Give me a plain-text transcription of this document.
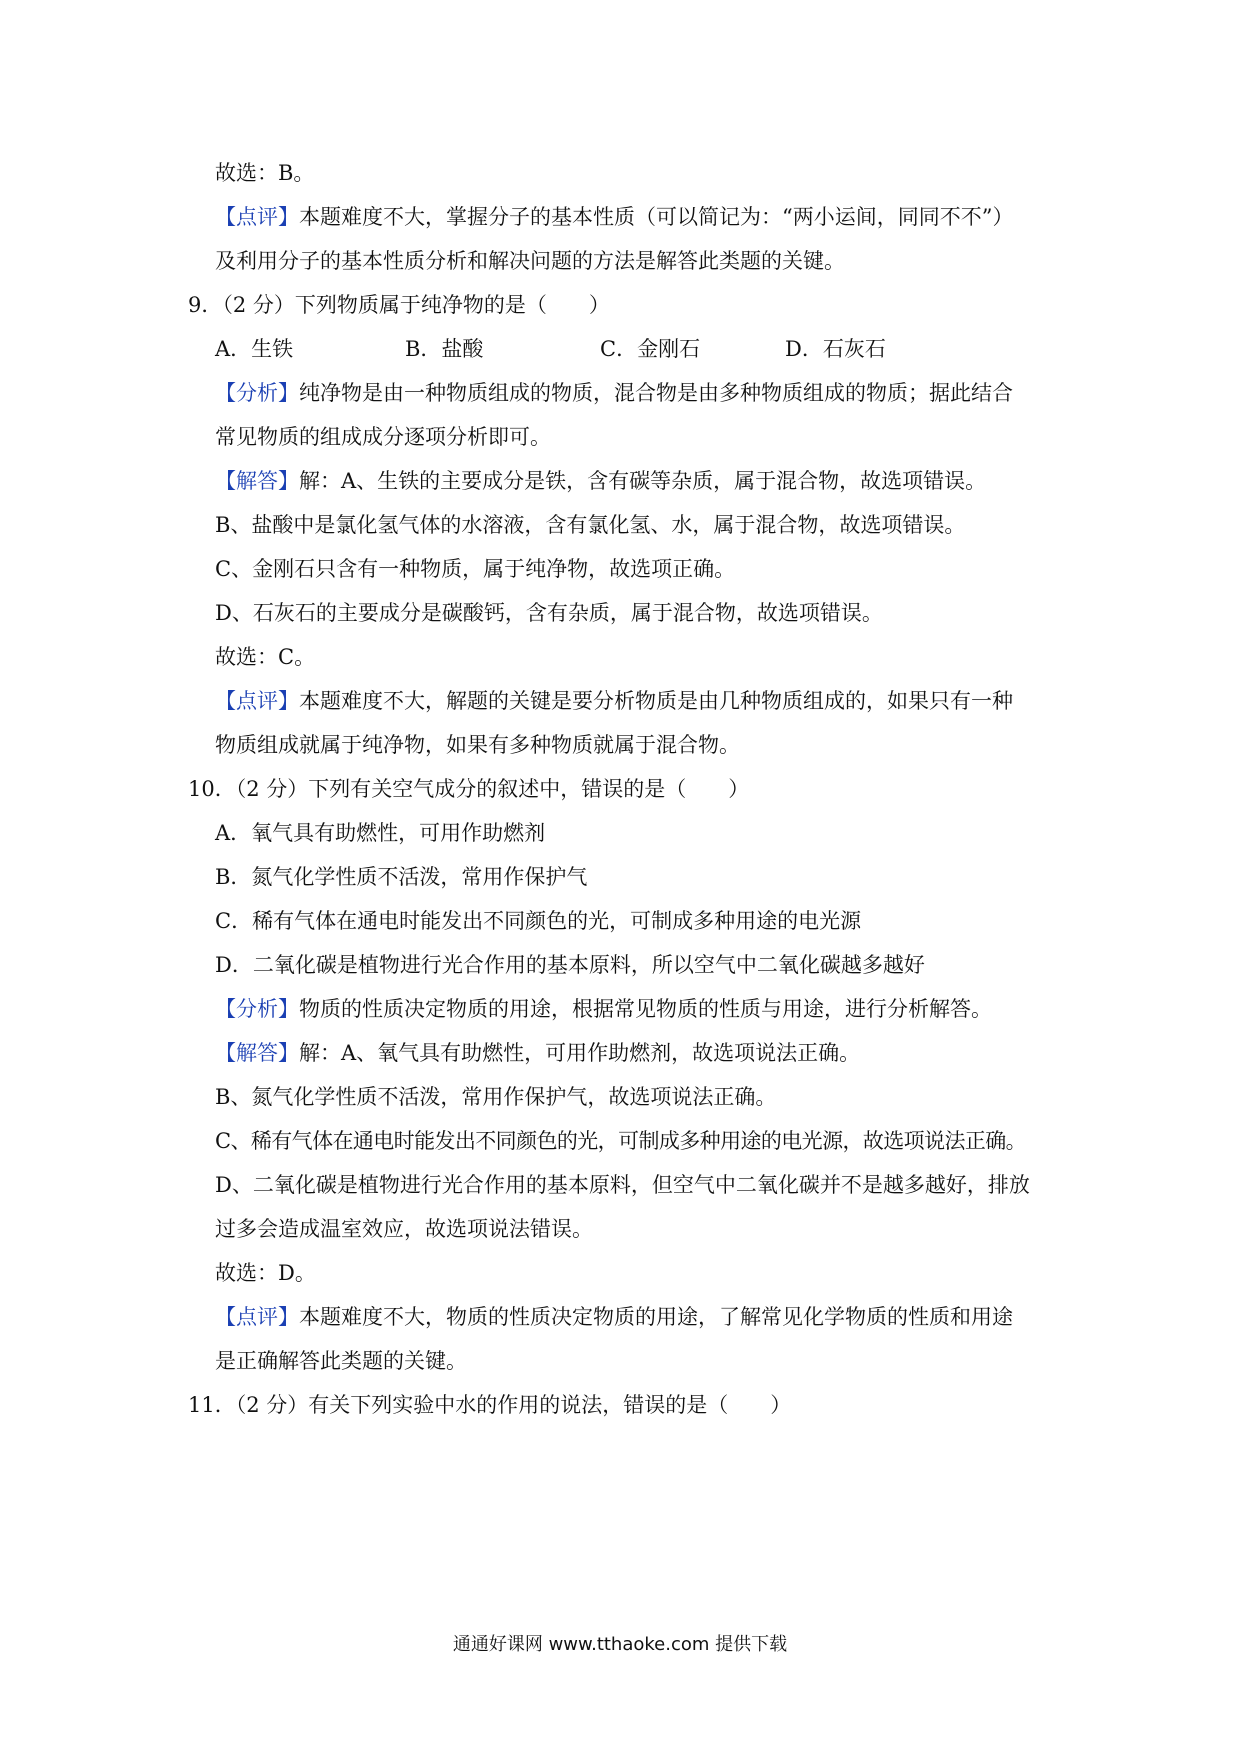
故选：B。
【点评】本题难度不大，掌握分子的基本性质（可以简记为：“两小运间，同同不不”）
及利用分子的基本性质分析和解决问题的方法是解答此类题的关键。
9．（2 分）下列物质属于纯净物的是（　　）
A．生铁	B．盐酸	C．金刚石	D．石灰石
【分析】纯净物是由一种物质组成的物质，混合物是由多种物质组成的物质；据此结合
常见物质的组成成分逐项分析即可。
【解答】解：A、生铁的主要成分是铁，含有碳等杂质，属于混合物，故选项错误。
B、盐酸中是氯化氢气体的水溶液，含有氯化氢、水，属于混合物，故选项错误。
C、金刚石只含有一种物质，属于纯净物，故选项正确。
D、石灰石的主要成分是碳酸钙，含有杂质，属于混合物，故选项错误。
故选：C。
【点评】本题难度不大，解题的关键是要分析物质是由几种物质组成的，如果只有一种
物质组成就属于纯净物，如果有多种物质就属于混合物。
10．（2 分）下列有关空气成分的叙述中，错误的是（　　）
A．氧气具有助燃性，可用作助燃剂
B．氮气化学性质不活泼，常用作保护气
C．稀有气体在通电时能发出不同颜色的光，可制成多种用途的电光源
D．二氧化碳是植物进行光合作用的基本原料，所以空气中二氧化碳越多越好
【分析】物质的性质决定物质的用途，根据常见物质的性质与用途，进行分析解答。
【解答】解：A、氧气具有助燃性，可用作助燃剂，故选项说法正确。
B、氮气化学性质不活泼，常用作保护气，故选项说法正确。
C、稀有气体在通电时能发出不同颜色的光，可制成多种用途的电光源，故选项说法正确。
D、二氧化碳是植物进行光合作用的基本原料，但空气中二氧化碳并不是越多越好，排放
过多会造成温室效应，故选项说法错误。
故选：D。
【点评】本题难度不大，物质的性质决定物质的用途，了解常见化学物质的性质和用途
是正确解答此类题的关键。
11．（2 分）有关下列实验中水的作用的说法，错误的是（　　）
通通好课网 www.tthaoke.com 提供下载
